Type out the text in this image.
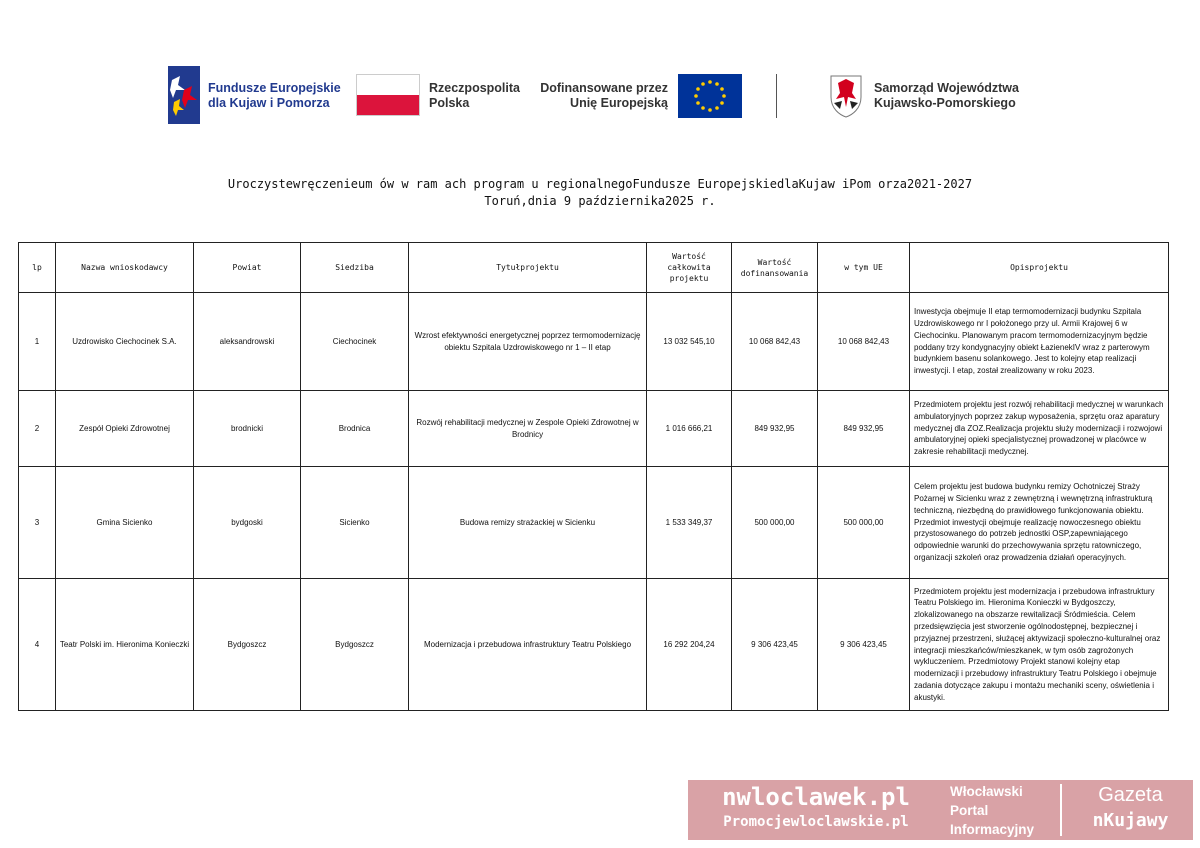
Fundusze Europejskie
dla Kujaw i Pomorza
Rzeczpospolita
Polska
Dofinansowane przez
Unię Europejską
Samorząd Województwa
Kujawsko-Pomorskiego
Uroczystewręczenieum ów w ram ach program u regionalnegoFundusze EuropejskiedlaKujaw iPom orza2021-2027
Toruń,dnia 9 października2025 r.
lp	Nazwa wnioskodawcy	Powiat	Siedziba	Tytułprojektu	Wartość całkowita projektu	Wartość dofinansowania	w tym UE	Opisprojektu
1	Uzdrowisko Ciechocinek S.A.	aleksandrowski	Ciechocinek	Wzrost efektywności energetycznej poprzez termomodernizację obiektu Szpitala Uzdrowiskowego nr 1 – II etap	13 032 545,10	10 068 842,43	10 068 842,43	Inwestycja obejmuje II etap termomodernizacji budynku Szpitala Uzdrowiskowego nr I położonego przy ul. Armii Krajowej 6 w Ciechocinku. Planowanym pracom termomodernizacyjnym będzie poddany trzy kondygnacyjny obiekt ŁazienekIV wraz z parterowym budynkiem basenu solankowego. Jest to kolejny etap realizacji inwestycji. I etap, został zrealizowany w roku 2023.
2	Zespół Opieki Zdrowotnej	brodnicki	Brodnica	Rozwój rehabilitacji medycznej w Zespole Opieki Zdrowotnej w Brodnicy	1 016 666,21	849 932,95	849 932,95	Przedmiotem projektu jest rozwój rehabilitacji medycznej w warunkach ambulatoryjnych poprzez zakup wyposażenia, sprzętu oraz aparatury medycznej dla ZOZ.Realizacja projektu służy modernizacji i rozwojowi ambulatoryjnej opieki specjalistycznej prowadzonej w placówce w zakresie rehabilitacji medycznej.
3	Gmina Sicienko	bydgoski	Sicienko	Budowa remizy strażackiej w Sicienku	1 533 349,37	500 000,00	500 000,00	Celem projektu jest budowa budynku remizy Ochotniczej Straży Pożarnej w Sicienku wraz z zewnętrzną i wewnętrzną infrastrukturą techniczną, niezbędną do prawidłowego funkcjonowania obiektu. Przedmiot inwestycji obejmuje realizację nowoczesnego obiektu przystosowanego do potrzeb jednostki OSP,zapewniającego odpowiednie warunki do przechowywania sprzętu ratowniczego, organizacji szkoleń oraz prowadzenia działań operacyjnych.
4	Teatr Polski im. Hieronima Konieczki	Bydgoszcz	Bydgoszcz	Modernizacja i przebudowa infrastruktury Teatru Polskiego	16 292 204,24	9 306 423,45	9 306 423,45	Przedmiotem projektu jest modernizacja i przebudowa infrastruktury Teatru Polskiego im. Hieronima Konieczki w Bydgoszczy, zlokalizowanego na obszarze rewitalizacji Śródmieścia. Celem przedsięwzięcia jest stworzenie ogólnodostępnej, bezpiecznej i przyjaznej przestrzeni, służącej aktywizacji społeczno-kulturalnej oraz integracji mieszkańców/mieszkanek, w tym osób zagrożonych wykluczeniem. Przedmiotowy Projekt stanowi kolejny etap modernizacji i przebudowy infrastruktury Teatru Polskiego i obejmuje zadania dotyczące zakupu i montażu mechaniki sceny, oświetlenia i akustyki.
nwloclawek.pl
Promocjewloclawskie.pl
Włocławski
Portal
Informacyjny
Gazeta
nKujawy
